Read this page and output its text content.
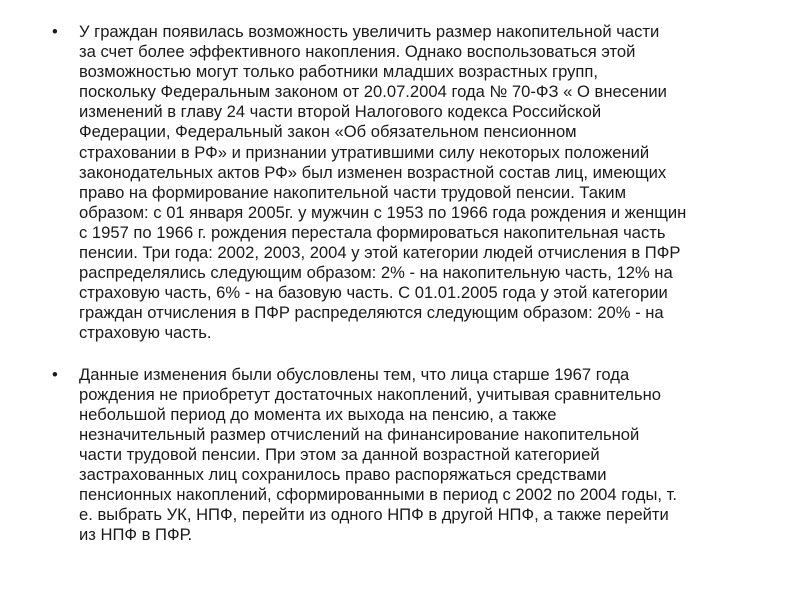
• У граждан появилась возможность увеличить размер накопительной части
за счет более эффективного накопления. Однако воспользоваться этой
возможностью могут только работники младших возрастных групп,
поскольку Федеральным законом от 20.07.2004 года № 70-ФЗ « О внесении
изменений в главу 24 части второй Налогового кодекса Российской
Федерации, Федеральный закон «Об обязательном пенсионном
страховании в РФ» и признании утратившими силу некоторых положений
законодательных актов РФ» был изменен возрастной состав лиц, имеющих
право на формирование накопительной части трудовой пенсии. Таким
образом: с 01 января 2005г. у мужчин с 1953 по 1966 года рождения и женщин
с 1957 по 1966 г. рождения перестала формироваться накопительная часть
пенсии. Три года: 2002, 2003, 2004 у этой категории людей отчисления в ПФР
распределялись следующим образом: 2% - на накопительную часть, 12% на
страховую часть, 6% - на базовую часть. С 01.01.2005 года у этой категории
граждан отчисления в ПФР распределяются следующим образом: 20% - на
страховую часть.
• Данные изменения были обусловлены тем, что лица старше 1967 года
рождения не приобретут достаточных накоплений, учитывая сравнительно
небольшой период до момента их выхода на пенсию, а также
незначительный размер отчислений на финансирование накопительной
части трудовой пенсии. При этом за данной возрастной категорией
застрахованных лиц сохранилось право распоряжаться средствами
пенсионных накоплений, сформированными в период с 2002 по 2004 годы, т.
е. выбрать УК, НПФ, перейти из одного НПФ в другой НПФ, а также перейти
из НПФ в ПФР.
